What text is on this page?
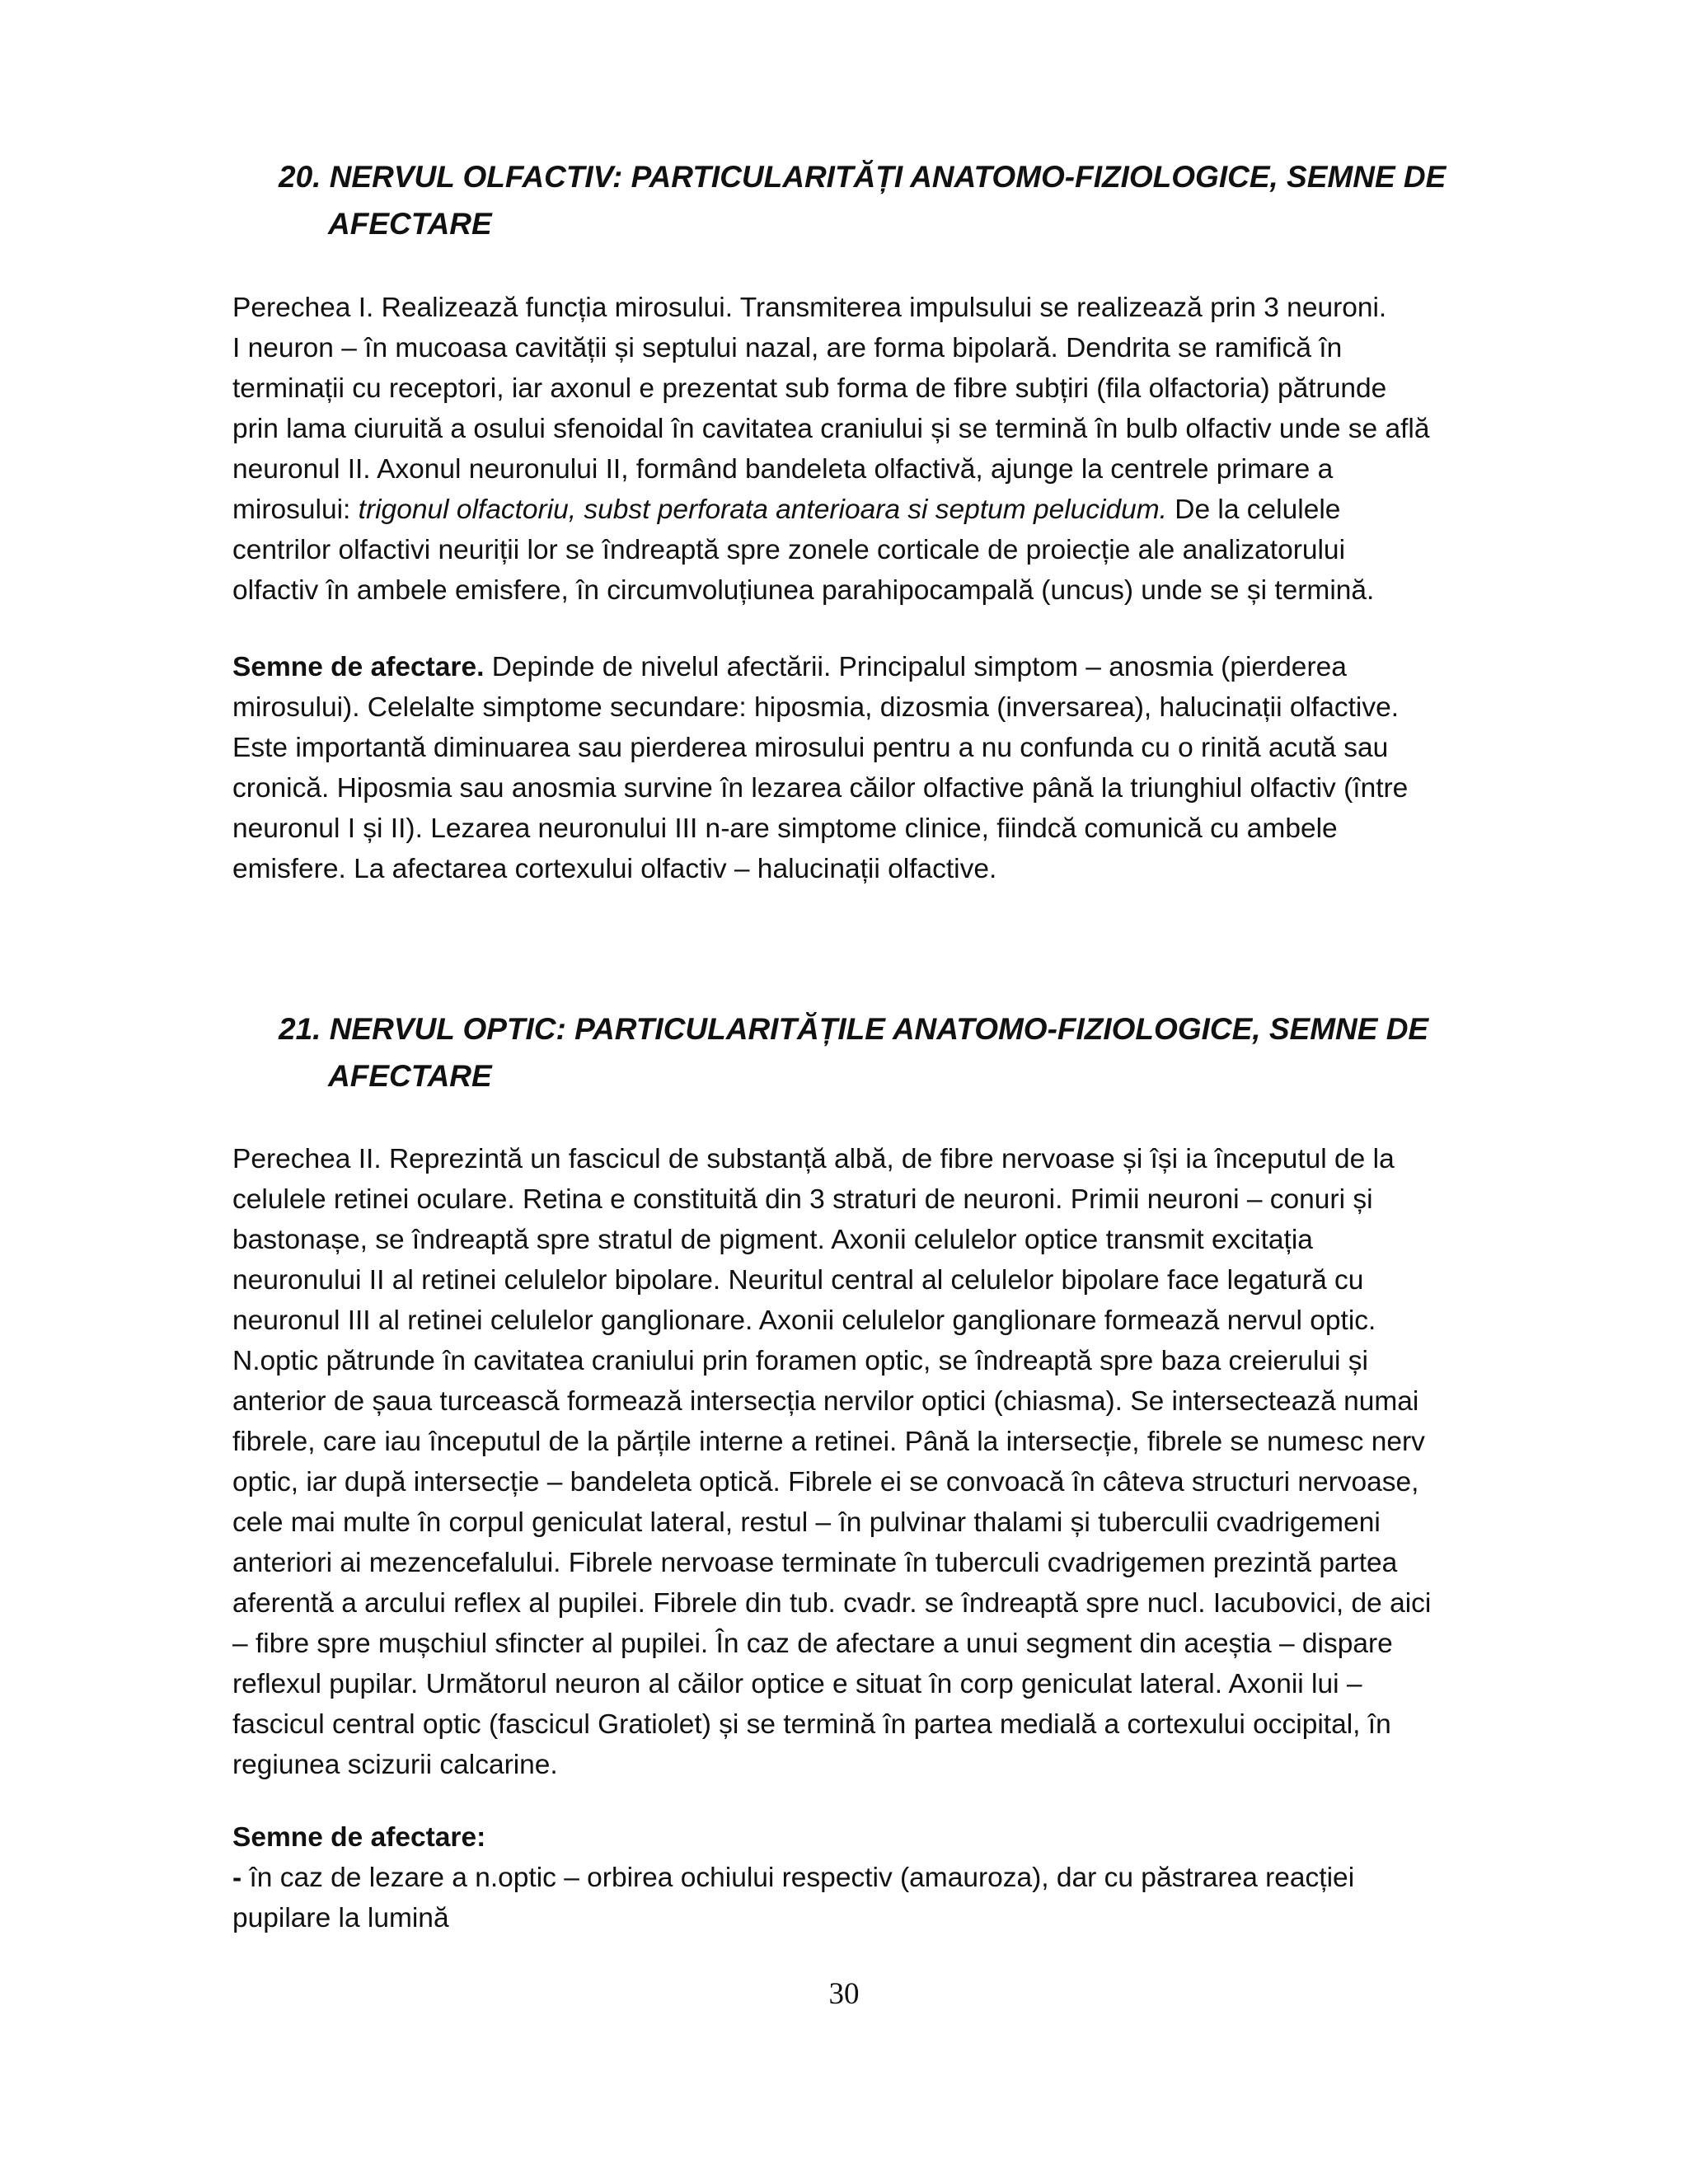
20. NERVUL OLFACTIV: PARTICULARITĂȚI ANATOMO-FIZIOLOGICE, SEMNE DE
AFECTARE
Perechea I. Realizează funcția mirosului. Transmiterea impulsului se realizează prin 3 neuroni.
I neuron – în mucoasa cavității și septului nazal, are forma bipolară. Dendrita se ramifică în
terminații cu receptori, iar axonul e prezentat sub forma de fibre subțiri (fila olfactoria) pătrunde
prin lama ciuruită a osului sfenoidal în cavitatea craniului și se termină în bulb olfactiv unde se află
neuronul II. Axonul neuronului II, formând bandeleta olfactivă, ajunge la centrele primare a
mirosului: trigonul olfactoriu, subst perforata anterioara si septum pelucidum. De la celulele
centrilor olfactivi neuriții lor se îndreaptă spre zonele corticale de proiecție ale analizatorului
olfactiv în ambele emisfere, în circumvoluțiunea parahipocampală (uncus) unde se și termină.
Semne de afectare. Depinde de nivelul afectării. Principalul simptom – anosmia (pierderea
mirosului). Celelalte simptome secundare: hiposmia, dizosmia (inversarea), halucinații olfactive.
Este importantă diminuarea sau pierderea mirosului pentru a nu confunda cu o rinită acută sau
cronică. Hiposmia sau anosmia survine în lezarea căilor olfactive până la triunghiul olfactiv (între
neuronul I și II). Lezarea neuronului III n-are simptome clinice, fiindcă comunică cu ambele
emisfere. La afectarea cortexului olfactiv – halucinații olfactive.
21. NERVUL OPTIC: PARTICULARITĂȚILE ANATOMO-FIZIOLOGICE, SEMNE DE
AFECTARE
Perechea II. Reprezintă un fascicul de substanță albă, de fibre nervoase și își ia începutul de la
celulele retinei oculare. Retina e constituită din 3 straturi de neuroni. Primii neuroni – conuri și
bastonașe, se îndreaptă spre stratul de pigment. Axonii celulelor optice transmit excitația
neuronului II al retinei celulelor bipolare. Neuritul central al celulelor bipolare face legatură cu
neuronul III al retinei celulelor ganglionare. Axonii celulelor ganglionare formează nervul optic.
N.optic pătrunde în cavitatea craniului prin foramen optic, se îndreaptă spre baza creierului și
anterior de șaua turcească formează intersecția nervilor optici (chiasma). Se intersectează numai
fibrele, care iau începutul de la părțile interne a retinei. Până la intersecție, fibrele se numesc nerv
optic, iar după intersecție – bandeleta optică. Fibrele ei se convoacă în câteva structuri nervoase,
cele mai multe în corpul geniculat lateral, restul – în pulvinar thalami și tuberculii cvadrigemeni
anteriori ai mezencefalului. Fibrele nervoase terminate în tuberculi cvadrigemen prezintă partea
aferentă a arcului reflex al pupilei. Fibrele din tub. cvadr. se îndreaptă spre nucl. Iacubovici, de aici
– fibre spre mușchiul sfincter al pupilei. În caz de afectare a unui segment din aceștia – dispare
reflexul pupilar. Următorul neuron al căilor optice e situat în corp geniculat lateral. Axonii lui –
fascicul central optic (fascicul Gratiolet) și se termină în partea medială a cortexului occipital, în
regiunea scizurii calcarine.
Semne de afectare:
- în caz de lezare a n.optic – orbirea ochiului respectiv (amauroza), dar cu păstrarea reacției
pupilare la lumină
30
